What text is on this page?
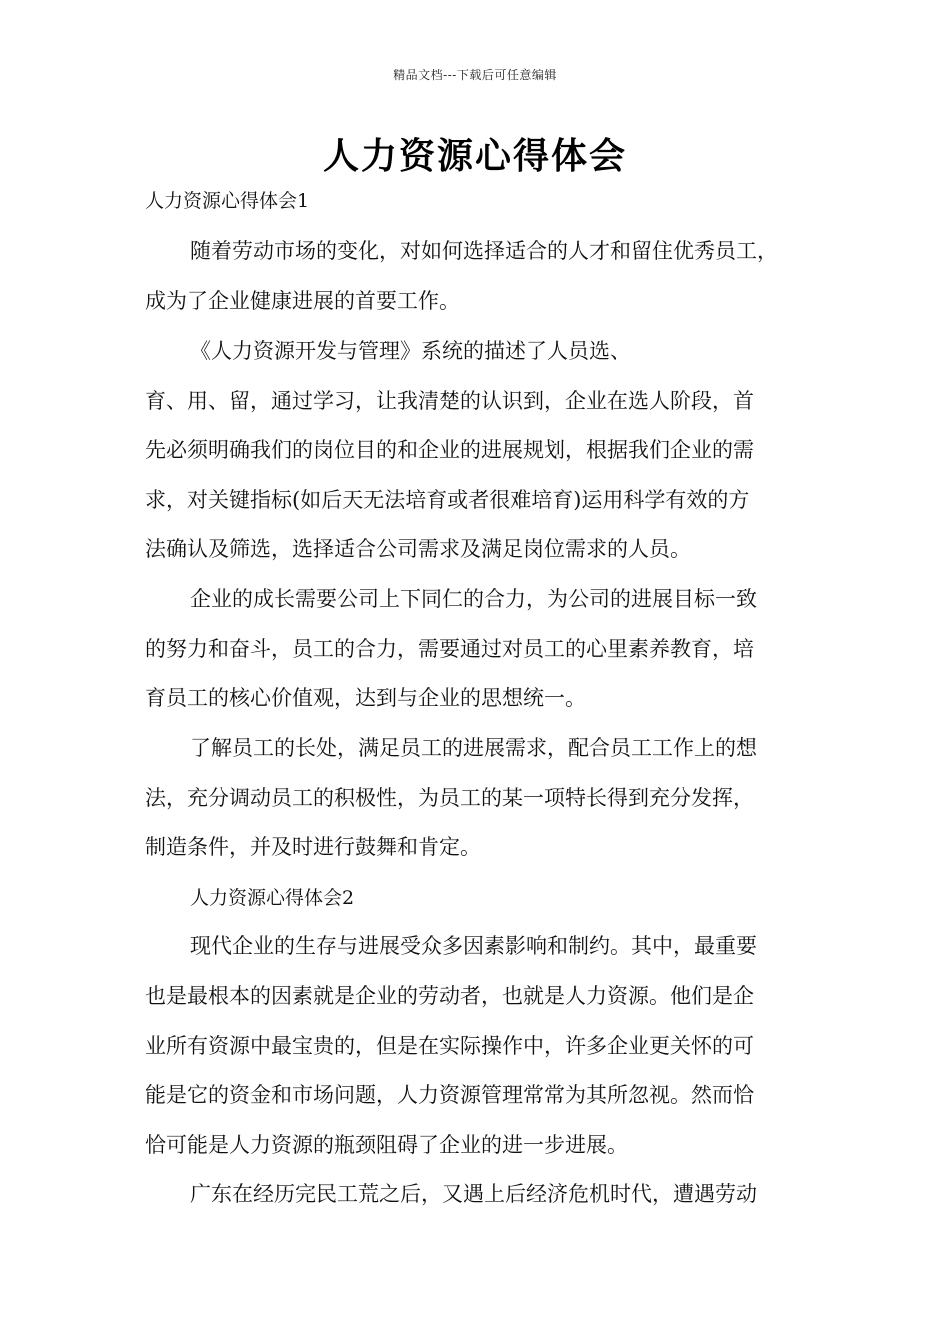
精品文档---下载后可任意编辑
人力资源心得体会
人力资源心得体会1
随着劳动市场的变化，对如何选择适合的人才和留住优秀员工，
成为了企业健康进展的首要工作。
《人力资源开发与管理》系统的描述了人员选、
育、用、留，通过学习，让我清楚的认识到，企业在选人阶段，首
先必须明确我们的岗位目的和企业的进展规划，根据我们企业的需
求，对关键指标(如后天无法培育或者很难培育)运用科学有效的方
法确认及筛选，选择适合公司需求及满足岗位需求的人员。
企业的成长需要公司上下同仁的合力，为公司的进展目标一致
的努力和奋斗，员工的合力，需要通过对员工的心里素养教育，培
育员工的核心价值观，达到与企业的思想统一。
了解员工的长处，满足员工的进展需求，配合员工工作上的想
法，充分调动员工的积极性，为员工的某一项特长得到充分发挥，
制造条件，并及时进行鼓舞和肯定。
人力资源心得体会2
现代企业的生存与进展受众多因素影响和制约。其中，最重要
也是最根本的因素就是企业的劳动者，也就是人力资源。他们是企
业所有资源中最宝贵的，但是在实际操作中，许多企业更关怀的可
能是它的资金和市场问题，人力资源管理常常为其所忽视。然而恰
恰可能是人力资源的瓶颈阻碍了企业的进一步进展。
广东在经历完民工荒之后，又遇上后经济危机时代，遭遇劳动
